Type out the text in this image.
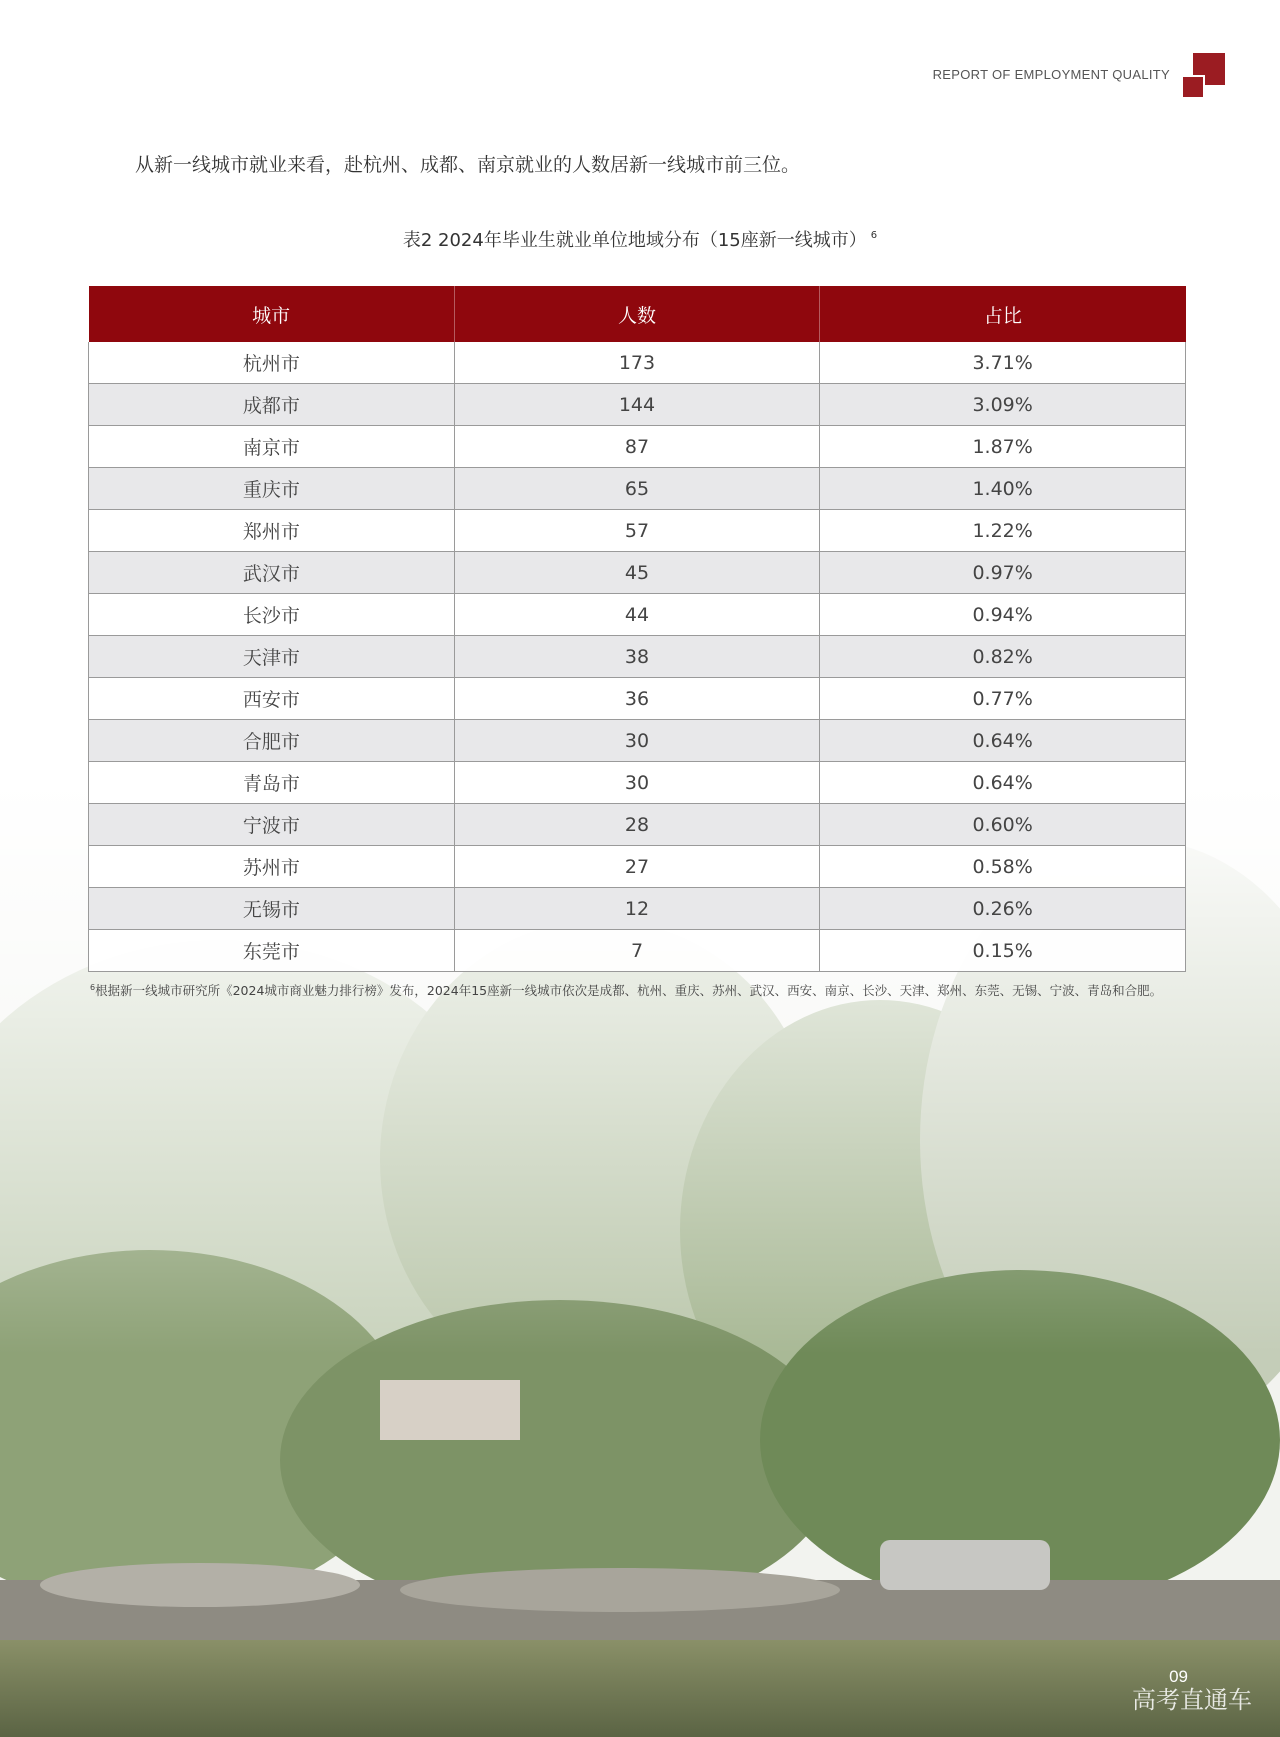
REPORT OF EMPLOYMENT QUALITY
从新一线城市就业来看，赴杭州、成都、南京就业的人数居新一线城市前三位。
表2 2024年毕业生就业单位地域分布（15座新一线城市） $^6$
城市	人数	占比
杭州市	173	3.71%
成都市	144	3.09%
南京市	87	1.87%
重庆市	65	1.40%
郑州市	57	1.22%
武汉市	45	0.97%
长沙市	44	0.94%
天津市	38	0.82%
西安市	36	0.77%
合肥市	30	0.64%
青岛市	30	0.64%
宁波市	28	0.60%
苏州市	27	0.58%
无锡市	12	0.26%
东莞市	7	0.15%
$^6$根据新一线城市研究所《2024城市商业魅力排行榜》发布，2024年15座新一线城市依次是成都、杭州、重庆、苏州、武汉、西安、南京、长沙、天津、郑州、东莞、无锡、宁波、青岛和合肥。
09
高考直通车
